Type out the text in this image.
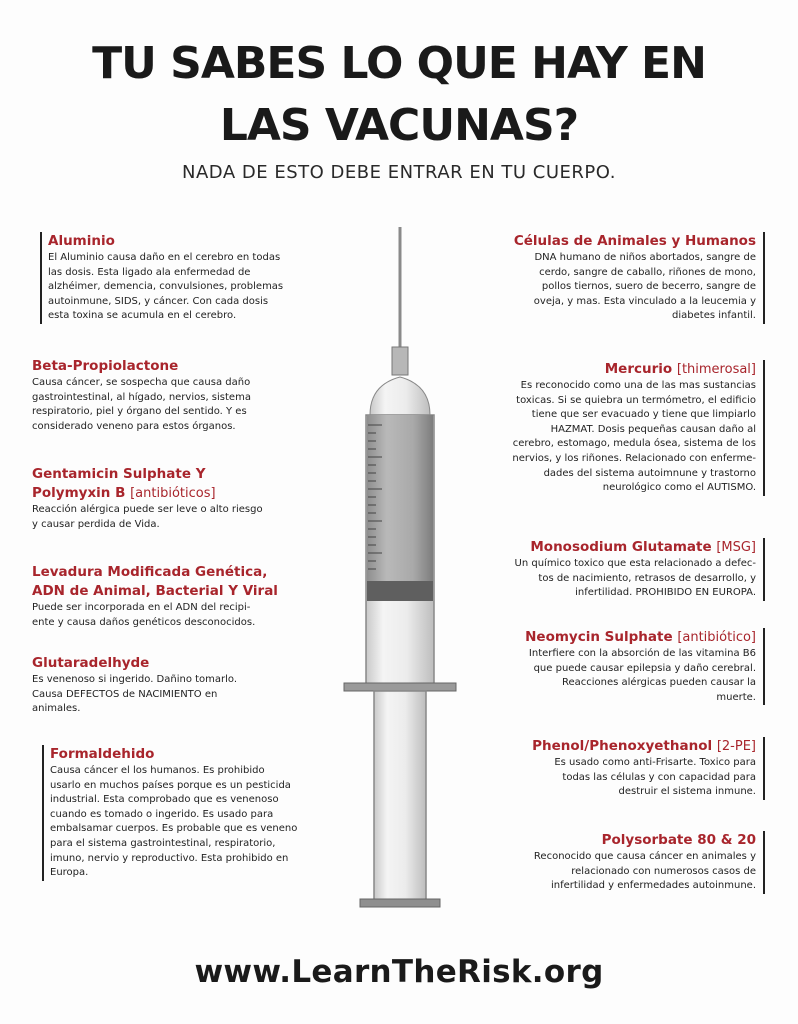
TU SABES LO QUE HAY EN
LAS VACUNAS?
NADA DE ESTO DEBE ENTRAR EN TU CUERPO.
Aluminio
El Aluminio causa daño en el cerebro en todas
las dosis. Esta ligado ala enfermedad de
alzhéimer, demencia, convulsiones, problemas
autoinmune, SIDS, y cáncer. Con cada dosis
esta toxina se acumula en el cerebro.
Beta-Propiolactone
Causa cáncer, se sospecha que causa daño
gastrointestinal, al hígado, nervios, sistema
respiratorio, piel y órgano del sentido. Y es
considerado veneno para estos órganos.
Gentamicin Sulphate Y
Polymyxin B [antibióticos]
Reacción alérgica puede ser leve o alto riesgo
y causar perdida de Vida.
Levadura Modificada Genética,
ADN de Animal, Bacterial Y Viral
Puede ser incorporada en el ADN del recipi-
ente y causa daños genéticos desconocidos.
Glutaradelhyde
Es venenoso si ingerido. Dañino tomarlo.
Causa DEFECTOS de NACIMIENTO en
animales.
Formaldehido
Causa cáncer el los humanos. Es prohibido
usarlo en muchos países porque es un pesticida
industrial. Esta comprobado que es venenoso
cuando es tomado o ingerido. Es usado para
embalsamar cuerpos. Es probable que es veneno
para el sistema gastrointestinal, respiratorio,
imuno, nervio y reproductivo. Esta prohibido en
Europa.
Células de Animales y Humanos
DNA humano de niños abortados, sangre de
cerdo, sangre de caballo, riñones de mono,
pollos tiernos, suero de becerro, sangre de
oveja, y mas. Esta vinculado a la leucemia y
diabetes infantil.
Mercurio [thimerosal]
Es reconocido como una de las mas sustancias
toxicas. Si se quiebra un termómetro, el edificio
tiene que ser evacuado y tiene que limpiarlo
HAZMAT. Dosis pequeñas causan daño al
cerebro, estomago, medula ósea, sistema de los
nervios, y los riñones. Relacionado con enferme-
dades del sistema autoimnune y trastorno
neurológico como el AUTISMO.
Monosodium Glutamate [MSG]
Un químico toxico que esta relacionado a defec-
tos de nacimiento, retrasos de desarrollo, y
infertilidad. PROHIBIDO EN EUROPA.
Neomycin Sulphate [antibiótico]
Interfiere con la absorción de las vitamina B6
que puede causar epilepsia y daño cerebral.
Reacciones alérgicas pueden causar la
muerte.
Phenol/Phenoxyethanol [2-PE]
Es usado como anti-Frisarte. Toxico para
todas las células y con capacidad para
destruir el sistema inmune.
Polysorbate 80 & 20
Reconocido que causa cáncer en animales y
relacionado con numerosos casos de
infertilidad y enfermedades autoinmune.
www.LearnTheRisk.org
